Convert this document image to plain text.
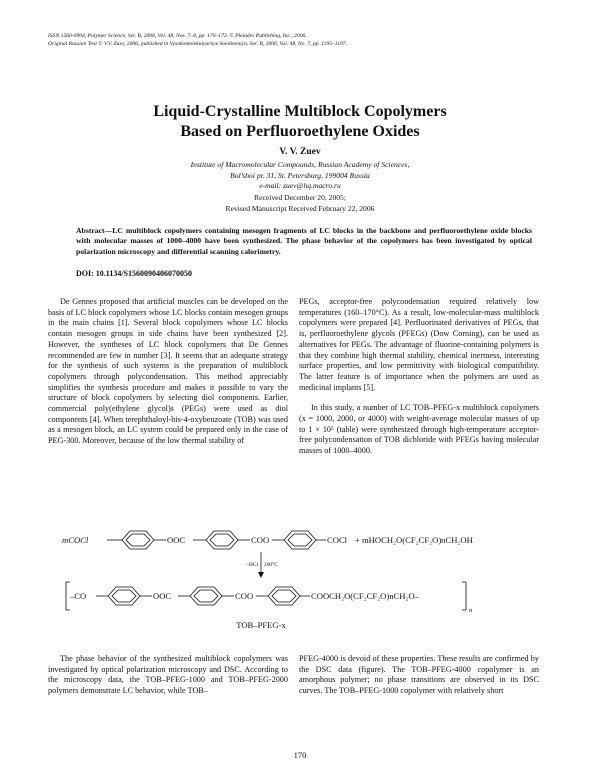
ISSN 1560-0904, Polymer Science, Ser. B, 2006, Vol. 48, Nos. 7–8, pp. 170–172. © Pleiades Publishing, Inc., 2006.
Original Russian Text © V.V. Zuev, 2006, published in Vysokomolekulyarnye Soedineniya, Ser. B, 2006, Vol. 48, No. 7, pp. 1195–1197.
Liquid-Crystalline Multiblock Copolymers
Based on Perfluoroethylene Oxides
V. V. Zuev
Institute of Macromolecular Compounds, Russian Academy of Sciences,
Bol’shoi pr. 31, St. Petersburg, 199004 Russia
e-mail: zuev@hq.macro.ru
Received December 20, 2005;
Revised Manuscript Received February 22, 2006
Abstract—LC multiblock copolymers containing mesogen fragments of LC blocks in the backbone and perfluoroethylene oxide blocks with molecular masses of 1000–4000 have been synthesized. The phase behavior of the copolymers has been investigated by optical polarization microscopy and differential scanning calorimetry.
DOI: 10.1134/S1560090406070050

De Gennes proposed that artificial muscles can be developed on the basis of LC block copolymers whose LC blocks contain mesogen groups in the main chains [1]. Several block copolymers whose LC blocks contain mesogen groups in side chains have been synthesized [2]. However, the syntheses of LC block copolymers that De Gennes recommended are few in number [3]. It seems that an adequate strategy for the synthesis of such systems is the preparation of multiblock copolymers through polycondensation. This method appreciably simplifies the synthesis procedure and makes it possible to vary the structure of block copolymers by selecting diol components. Earlier, commercial poly(ethylene glycol)s (PEGs) were used as diol components [4]. When terephthaloyl-bis-4-oxybenzoate (TOB) was used as a mesogen block, an LC system could be prepared only in the case of PEG-300. Moreover, because of the low thermal stability of

PEGs, acceptor-free polycondensation required relatively low temperatures (160–170°C). As a result, low-molecular-mass multiblock copolymers were prepared [4]. Perfluorinated derivatives of PEGs, that is, perfluoroethylene glycols (PFEGs) (Dow Corning), can be used as alternatives for PEGs. The advantage of fluorine-containing polymers is that they combine high thermal stability, chemical inertness, interesting surface properties, and low permittivity with biological compatibility. The latter feature is of importance when the polymers are used as medicinal implants [5].

In this study, a number of LC TOB–PFEG-x multiblock copolymers (x = 1000, 2000, or 4000) with weight-average molecular masses of up to 1 × 10⁵ (table) were synthesized through high-temperature acceptor-free polycondensation of TOB dichloride with PFEGs having molecular masses of 1000–4000.

mCOCl	OOC	COO	COCl + mHOCH₂O(CF₂CF₂O)nCH₂OH
–HCl 200°C
–CO	OOC	COO	COOCH₂O(CF₂CF₂O)nCH₂O–
n
TOB–PFEG-x

The phase behavior of the synthesized multiblock copolymers was investigated by optical polarization microscopy and DSC. According to the microscopy data, the TOB–PFEG-1000 and TOB–PFEG-2000 polymers demonstrate LC behavior, while TOB–

PFEG-4000 is devoid of these properties. These results are confirmed by the DSC data (figure). The TOB–PFEG-4000 copolymer is an amorphous polymer; no phase transitions are observed in its DSC curves. The TOB–PFEG-1000 copolymer with relatively short

170
